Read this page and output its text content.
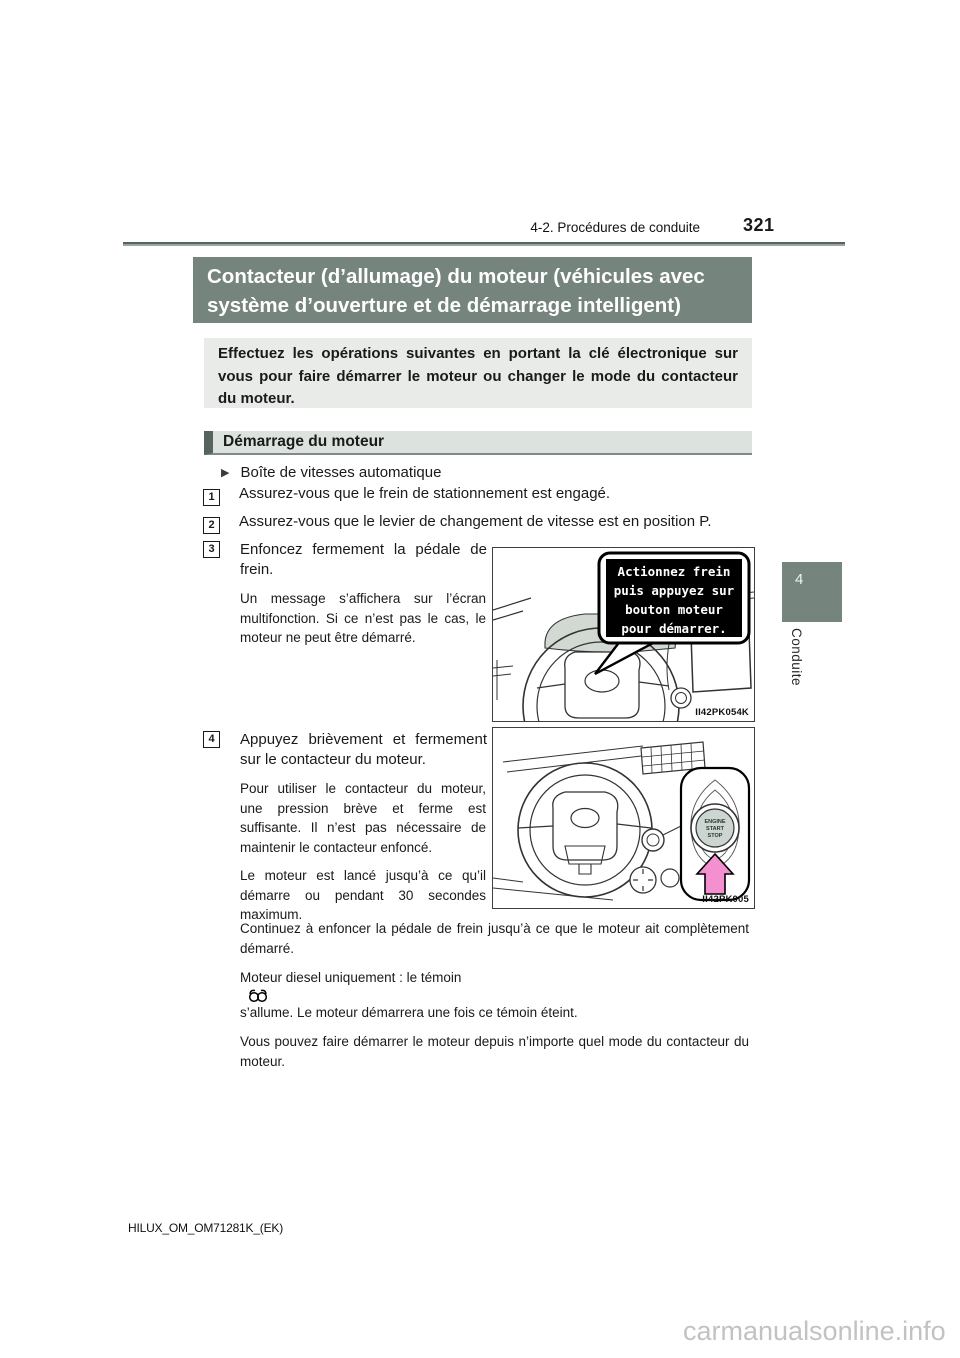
4-2. Procédures de conduite 321
Contacteur (d’allumage) du moteur (véhicules avec
système d’ouverture et de démarrage intelligent)
Effectuez les opérations suivantes en portant la clé électronique sur vous pour faire démarrer le moteur ou changer le mode du contacteur du moteur.
Démarrage du moteur
▶ Boîte de vitesses automatique
1 Assurez-vous que le frein de stationnement est engagé.
2 Assurez-vous que le levier de changement de vitesse est en position P.
3	Enfoncez fermement la pédale de frein.

Un message s’affichera sur l’écran multifonction. Si ce n’est pas le cas, le moteur ne peut être démarré.

Actionnez frein
puis appuyez sur
bouton moteur
pour démarrer.
II42PK054K
4	Appuyez brièvement et fermement sur le contacteur du moteur.

Pour utiliser le contacteur du moteur, une pression brève et ferme est suffisante. Il n’est pas nécessaire de maintenir le contacteur enfoncé.

Le moteur est lancé jusqu’à ce qu’il démarre ou pendant 30 secondes maximum.

ENGINE
START
STOP
II42PK005

Continuez à enfoncer la pédale de frein jusqu’à ce que le moteur ait complètement démarré.

Moteur diesel uniquement : le témoin
s’allume. Le moteur démarrera une fois ce témoin éteint.

Vous pouvez faire démarrer le moteur depuis n’importe quel mode du contacteur du moteur.

4
Conduite
HILUX_OM_OM71281K_(EK)
carmanualsonline.info
